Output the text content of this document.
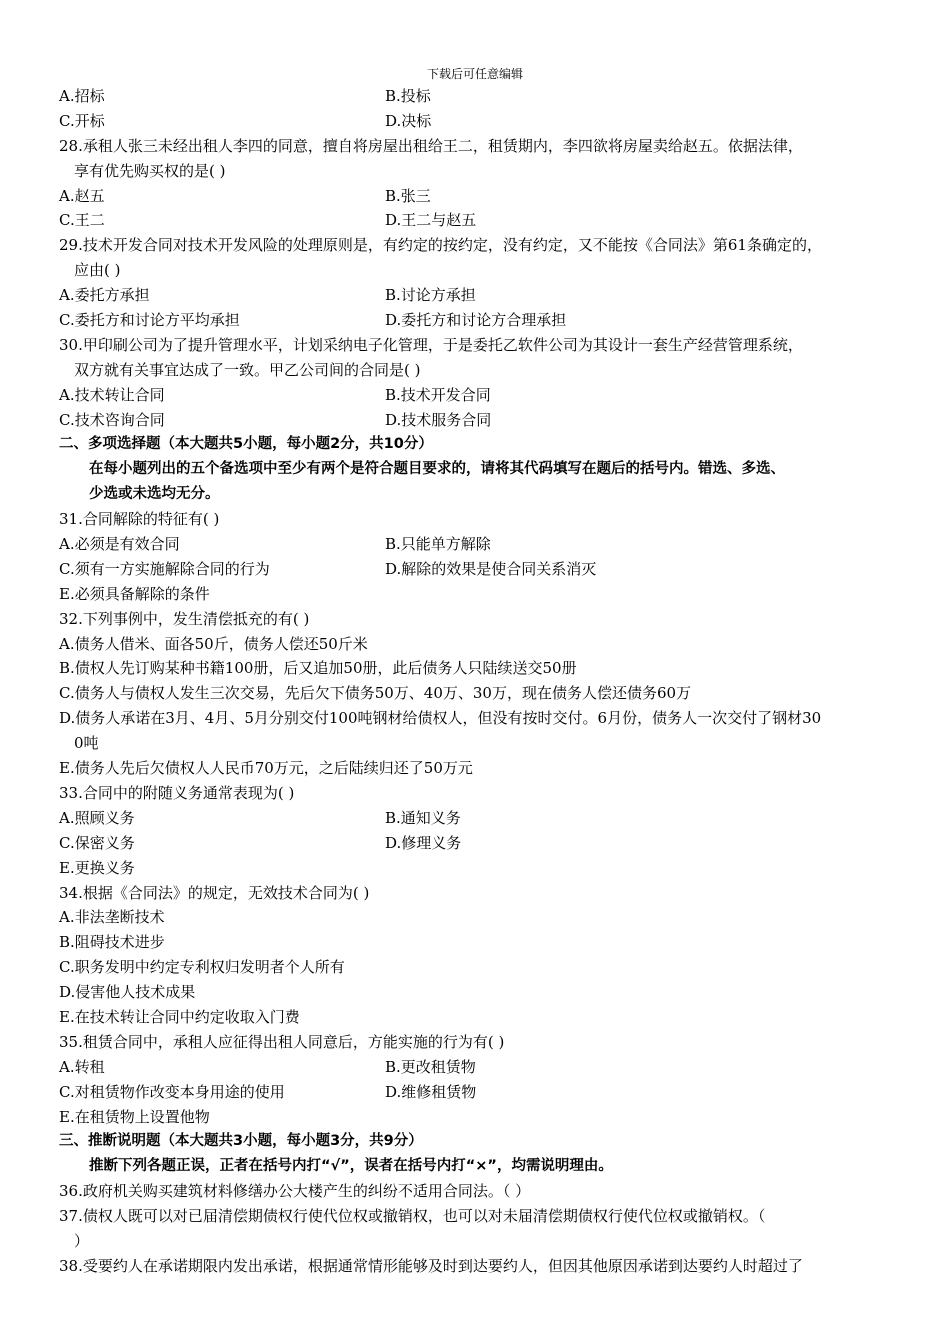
下载后可任意编辑
A.招标	B.投标
C.开标	D.决标
28.承租人张三未经出租人李四的同意，擅自将房屋出租给王二，租赁期内，李四欲将房屋卖给赵五。依据法律，
享有优先购买权的是( )
A.赵五	B.张三
C.王二	D.王二与赵五
29.技术开发合同对技术开发风险的处理原则是，有约定的按约定，没有约定，又不能按《合同法》第61条确定的，
应由( )
A.委托方承担	B.讨论方承担
C.委托方和讨论方平均承担	D.委托方和讨论方合理承担
30.甲印刷公司为了提升管理水平，计划采纳电子化管理，于是委托乙软件公司为其设计一套生产经营管理系统，
双方就有关事宜达成了一致。甲乙公司间的合同是( )
A.技术转让合同	B.技术开发合同
C.技术咨询合同	D.技术服务合同
二、多项选择题（本大题共5小题，每小题2分，共10分）
在每小题列出的五个备选项中至少有两个是符合题目要求的，请将其代码填写在题后的括号内。错选、多选、
少选或未选均无分。
31.合同解除的特征有( )
A.必须是有效合同	B.只能单方解除
C.须有一方实施解除合同的行为	D.解除的效果是使合同关系消灭
E.必须具备解除的条件
32.下列事例中，发生清偿抵充的有( )
A.债务人借米、面各50斤，债务人偿还50斤米
B.债权人先订购某种书籍100册，后又追加50册，此后债务人只陆续送交50册
C.债务人与债权人发生三次交易，先后欠下债务50万、40万、30万，现在债务人偿还债务60万
D.债务人承诺在3月、4月、5月分别交付100吨钢材给债权人，但没有按时交付。6月份，债务人一次交付了钢材30
0吨
E.债务人先后欠债权人人民币70万元，之后陆续归还了50万元
33.合同中的附随义务通常表现为( )
A.照顾义务	B.通知义务
C.保密义务	D.修理义务
E.更换义务
34.根据《合同法》的规定，无效技术合同为( )
A.非法垄断技术
B.阻碍技术进步
C.职务发明中约定专利权归发明者个人所有
D.侵害他人技术成果
E.在技术转让合同中约定收取入门费
35.租赁合同中，承租人应征得出租人同意后，方能实施的行为有( )
A.转租	B.更改租赁物
C.对租赁物作改变本身用途的使用	D.维修租赁物
E.在租赁物上设置他物
三、推断说明题（本大题共3小题，每小题3分，共9分）
推断下列各题正误，正者在括号内打“√”，误者在括号内打“×”，均需说明理由。
36.政府机关购买建筑材料修缮办公大楼产生的纠纷不适用合同法。（ ）
37.债权人既可以对已届清偿期债权行使代位权或撤销权，也可以对未届清偿期债权行使代位权或撤销权。（
）
38.受要约人在承诺期限内发出承诺，根据通常情形能够及时到达要约人，但因其他原因承诺到达要约人时超过了
